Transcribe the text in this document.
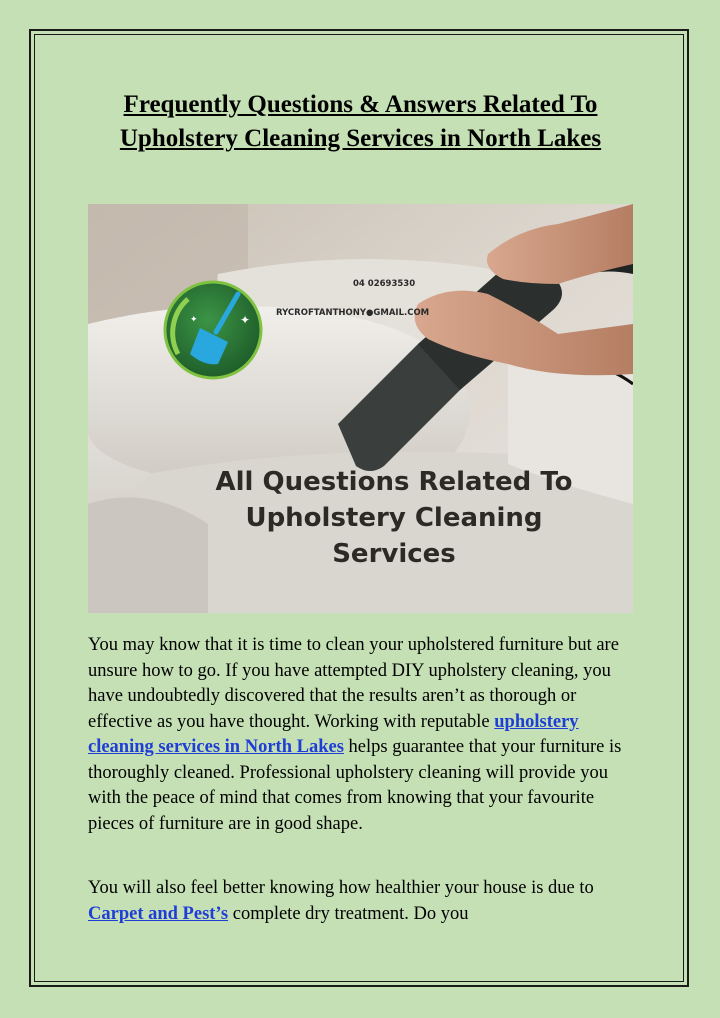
Frequently Questions & Answers Related To Upholstery Cleaning Services in North Lakes
✦
✦
04 02693530
RYCROFTANTHONY●GMAIL.COM
All Questions Related To
Upholstery Cleaning
Services

You may know that it is time to clean your upholstered furniture but are unsure how to go. If you have attempted DIY upholstery cleaning, you have undoubtedly discovered that the results aren’t as thorough or effective as you have thought. Working with reputable upholstery cleaning services in North Lakes helps guarantee that your furniture is thoroughly cleaned. Professional upholstery cleaning will provide you with the peace of mind that comes from knowing that your favourite pieces of furniture are in good shape.

You will also feel better knowing how healthier your house is due to Carpet and Pest’s complete dry treatment. Do you
